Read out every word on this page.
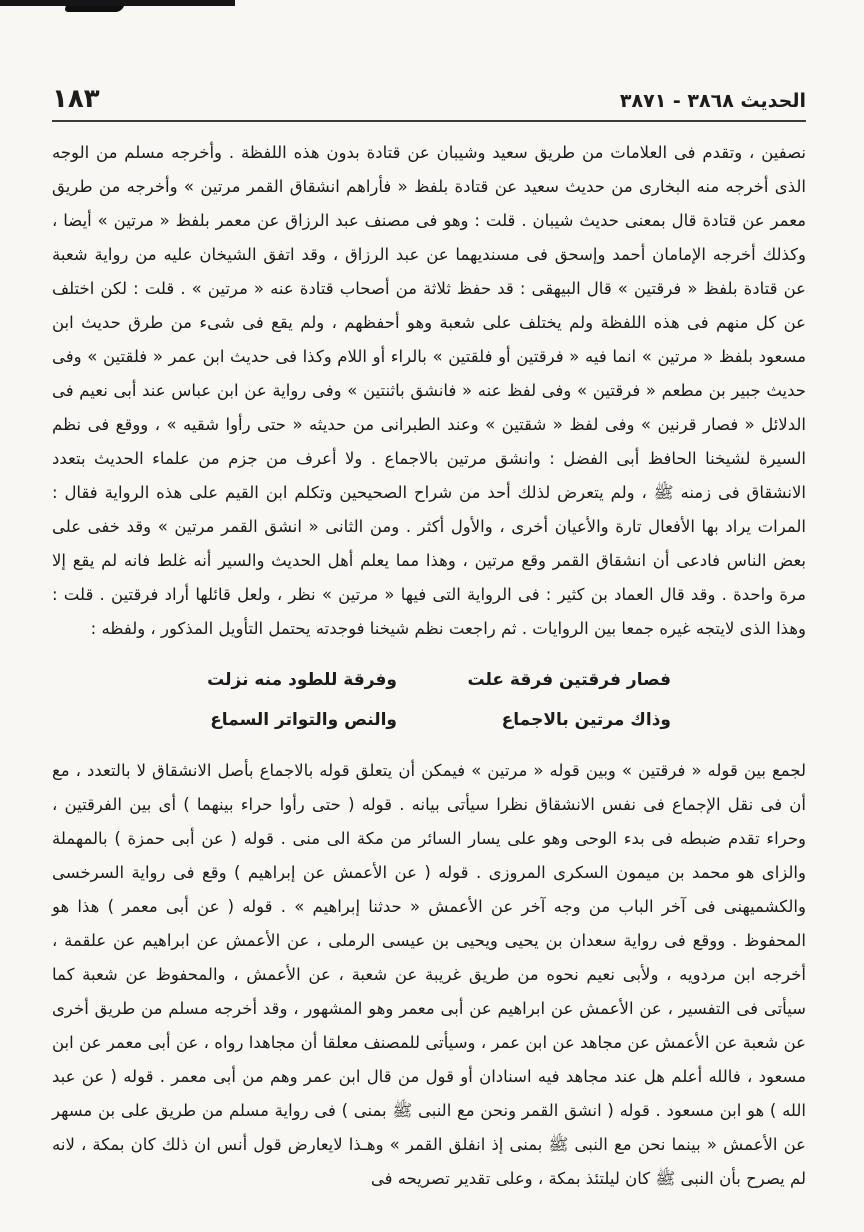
الحديث ٣٨٦٨ - ٣٨٧١
١٨٣

نصفين ، وتقدم فى العلامات من طريق سعيد وشيبان عن قتادة بدون هذه اللفظة . وأخرجه مسلم من الوجه الذى أخرجه منه البخارى من حديث سعيد عن قتادة بلفظ « فأراهم انشقاق القمر مرتين » وأخرجه من طريق معمر عن قتادة قال بمعنى حديث شيبان . قلت : وهو فى مصنف عبد الرزاق عن معمر بلفظ « مرتين » أيضا ، وكذلك أخرجه الإمامان أحمد وإسحق فى مسنديهما عن عبد الرزاق ، وقد اتفق الشيخان عليه من رواية شعبة عن قتادة بلفظ « فرقتين » قال البيهقى : قد حفظ ثلاثة من أصحاب قتادة عنه « مرتين » . قلت : لكن اختلف عن كل منهم فى هذه اللفظة ولم يختلف على شعبة وهو أحفظهم ، ولم يقع فى شىء من طرق حديث ابن مسعود بلفظ « مرتين » انما فيه « فرقتين أو فلقتين » بالراء أو اللام وكذا فى حديث ابن عمر « فلقتين » وفى حديث جبير بن مطعم « فرقتين » وفى لفظ عنه « فانشق باثنتين » وفى رواية عن ابن عباس عند أبى نعيم فى الدلائل « فصار قرنين » وفى لفظ « شقتين » وعند الطبرانى من حديثه « حتى رأوا شقيه » ، ووقع فى نظم السيرة لشيخنا الحافظ أبى الفضل : وانشق مرتين بالاجماع . ولا أعرف من جزم من علماء الحديث بتعدد الانشقاق فى زمنه ﷺ ، ولم يتعرض لذلك أحد من شراح الصحيحين وتكلم ابن القيم على هذه الرواية فقال : المرات يراد بها الأفعال تارة والأعيان أخرى ، والأول أكثر . ومن الثانى « انشق القمر مرتين » وقد خفى على بعض الناس فادعى أن انشقاق القمر وقع مرتين ، وهذا مما يعلم أهل الحديث والسير أنه غلط فانه لم يقع إلا مرة واحدة . وقد قال العماد بن كثير : فى الرواية التى فيها « مرتين » نظر ، ولعل قائلها أراد فرقتين . قلت : وهذا الذى لايتجه غيره جمعا بين الروايات . ثم راجعت نظم شيخنا فوجدته يحتمل التأويل المذكور ، ولفظه :

فصار فرقتين فرقة علت
وفرقة للطود منه نزلت
وذاك مرتين بالاجماع
والنص والتواتر السماع

لجمع بين قوله « فرقتين » وبين قوله « مرتين » فيمكن أن يتعلق قوله بالاجماع بأصل الانشقاق لا بالتعدد ، مع أن فى نقل الإجماع فى نفس الانشقاق نظرا سيأتى بيانه . قوله ( حتى رأوا حراء بينهما ) أى بين الفرقتين ، وحراء تقدم ضبطه فى بدء الوحى وهو على يسار السائر من مكة الى منى . قوله ( عن أبى حمزة ) بالمهملة والزاى هو محمد بن ميمون السكرى المروزى . قوله ( عن الأعمش عن إبراهيم ) وقع فى رواية السرخسى والكشميهنى فى آخر الباب من وجه آخر عن الأعمش « حدثنا إبراهيم » . قوله ( عن أبى معمر ) هذا هو المحفوظ . ووقع فى رواية سعدان بن يحيى ويحيى بن عيسى الرملى ، عن الأعمش عن ابراهيم عن علقمة ، أخرجه ابن مردويه ، ولأبى نعيم نحوه من طريق غريبة عن شعبة ، عن الأعمش ، والمحفوظ عن شعبة كما سيأتى فى التفسير ، عن الأعمش عن ابراهيم عن أبى معمر وهو المشهور ، وقد أخرجه مسلم من طريق أخرى عن شعبة عن الأعمش عن مجاهد عن ابن عمر ، وسيأتى للمصنف معلقا أن مجاهدا رواه ، عن أبى معمر عن ابن مسعود ، فالله أعلم هل عند مجاهد فيه اسنادان أو قول من قال ابن عمر وهم من أبى معمر . قوله ( عن عبد الله ) هو ابن مسعود . قوله ( انشق القمر ونحن مع النبى ﷺ بمنى ) فى رواية مسلم من طريق على بن مسهر عن الأعمش « بينما نحن مع النبى ﷺ بمنى إذ انفلق القمر » وهـذا لايعارض قول أنس ان ذلك كان بمكة ، لانه لم يصرح بأن النبى ﷺ كان ليلتئذ بمكة ، وعلى تقدير تصريحه فى
